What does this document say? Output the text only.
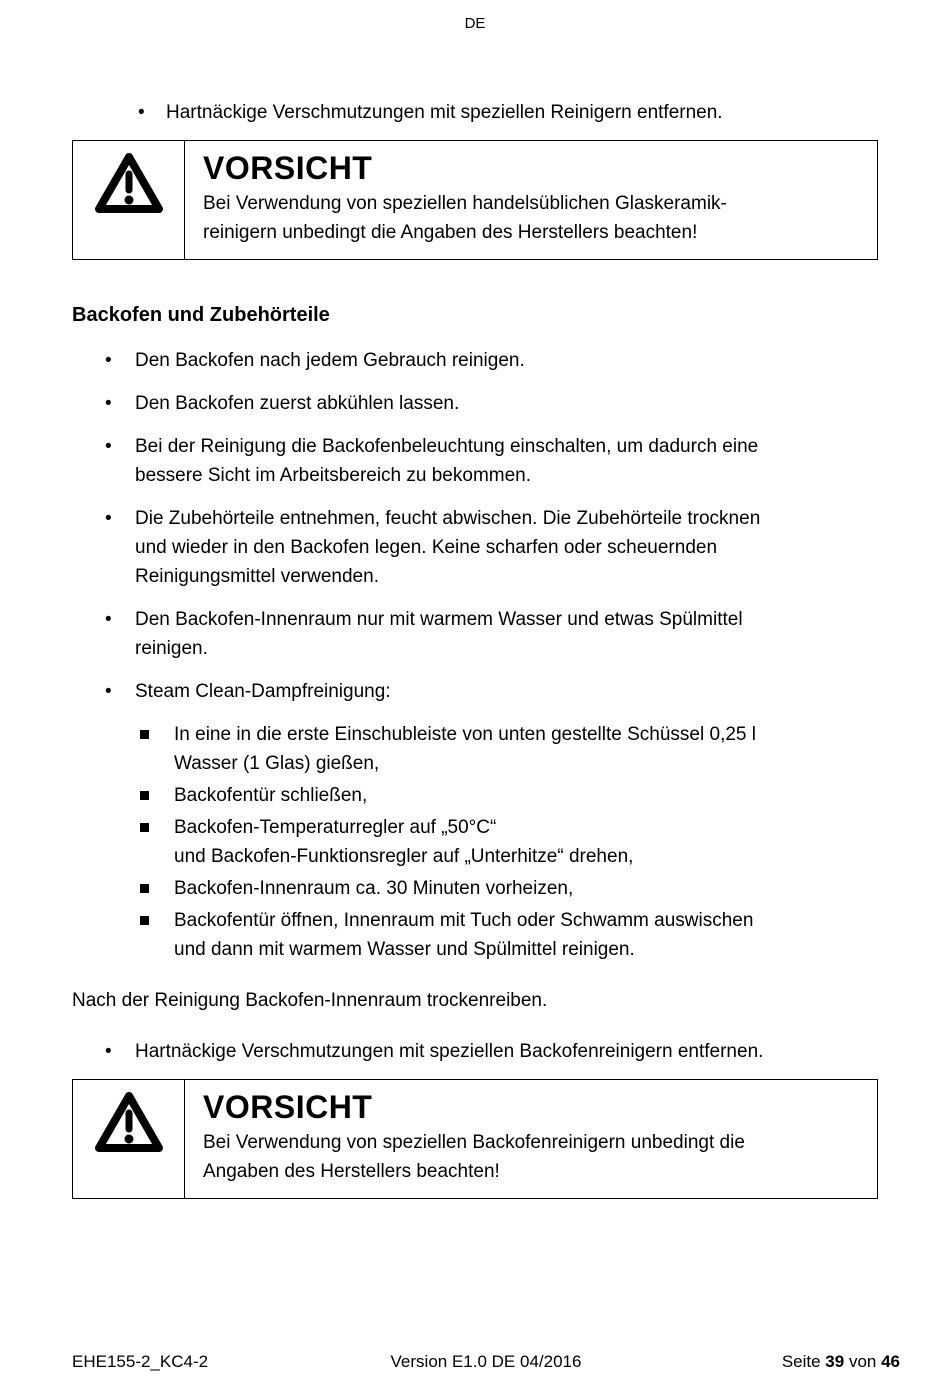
DE
•	Hartnäckige Verschmutzungen mit speziellen Reinigern entfernen.
VORSICHT
Bei Verwendung von speziellen handelsüblichen Glaskeramik-
reinigern unbedingt die Angaben des Herstellers beachten!
Backofen und Zubehörteile
•	Den Backofen nach jedem Gebrauch reinigen.
•	Den Backofen zuerst abkühlen lassen.
•	Bei der Reinigung die Backofenbeleuchtung einschalten, um dadurch eine
bessere Sicht im Arbeitsbereich zu bekommen.
•	Die Zubehörteile entnehmen, feucht abwischen. Die Zubehörteile trocknen
und wieder in den Backofen legen. Keine scharfen oder scheuernden
Reinigungsmittel verwenden.
•	Den Backofen-Innenraum nur mit warmem Wasser und etwas Spülmittel
reinigen.
•	Steam Clean-Dampfreinigung:
In eine in die erste Einschubleiste von unten gestellte Schüssel 0,25 l
Wasser (1 Glas) gießen,
Backofentür schließen,
Backofen-Temperaturregler auf „50°C“
und Backofen-Funktionsregler auf „Unterhitze“ drehen,
Backofen-Innenraum ca. 30 Minuten vorheizen,
Backofentür öffnen, Innenraum mit Tuch oder Schwamm auswischen
und dann mit warmem Wasser und Spülmittel reinigen.
Nach der Reinigung Backofen-Innenraum trockenreiben.
•	Hartnäckige Verschmutzungen mit speziellen Backofenreinigern entfernen.
VORSICHT
Bei Verwendung von speziellen Backofenreinigern unbedingt die
Angaben des Herstellers beachten!
EHE155-2_KC4-2	Version E1.0 DE 04/2016	Seite 39 von 46
